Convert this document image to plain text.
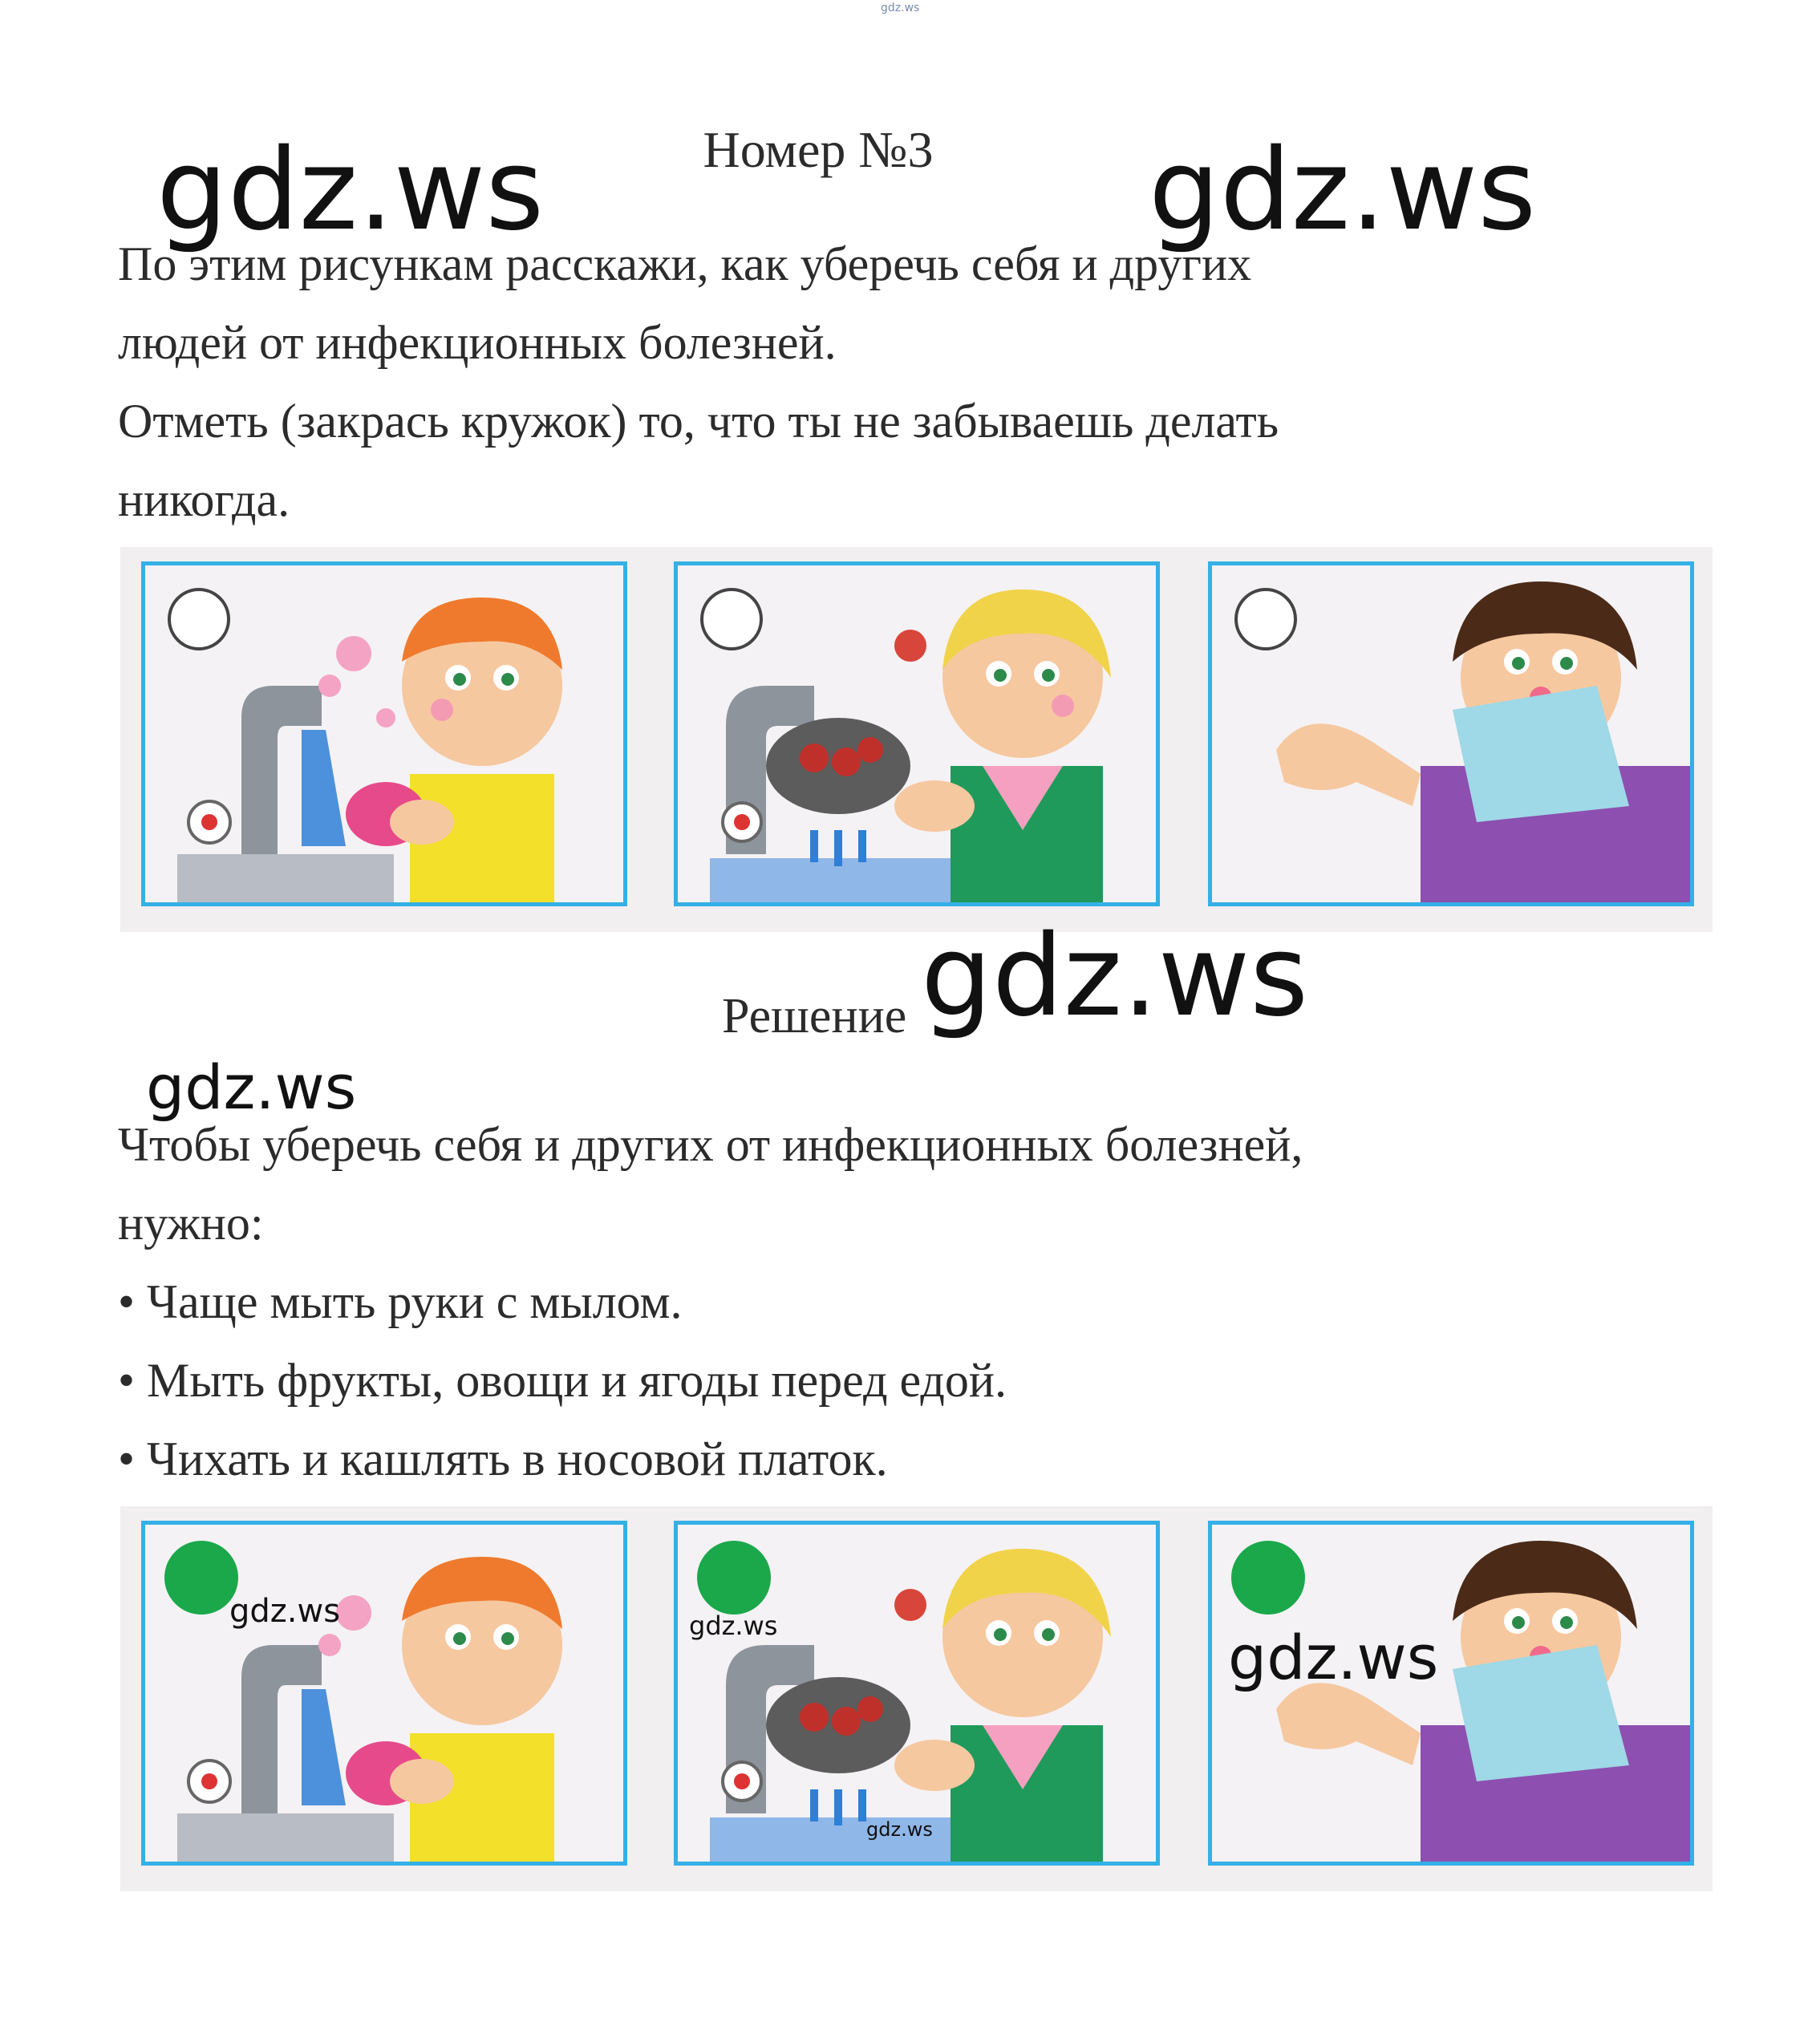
gdz.ws
Номер №3
gdz.ws	gdz.ws
По этим рисункам расскажи, как уберечь себя и других
людей от инфекционных болезней.
Отметь (закрась кружок) то, что ты не забываешь делать
никогда.
gdz.ws
Решение
gdz.ws
Чтобы уберечь себя и других от инфекционных болезней,
нужно:
• Чаще мыть руки с мылом.
• Мыть фрукты, овощи и ягоды перед едой.
• Чихать и кашлять в носовой платок.
gdz.ws	gdz.ws
gdz.ws
gdz.ws
